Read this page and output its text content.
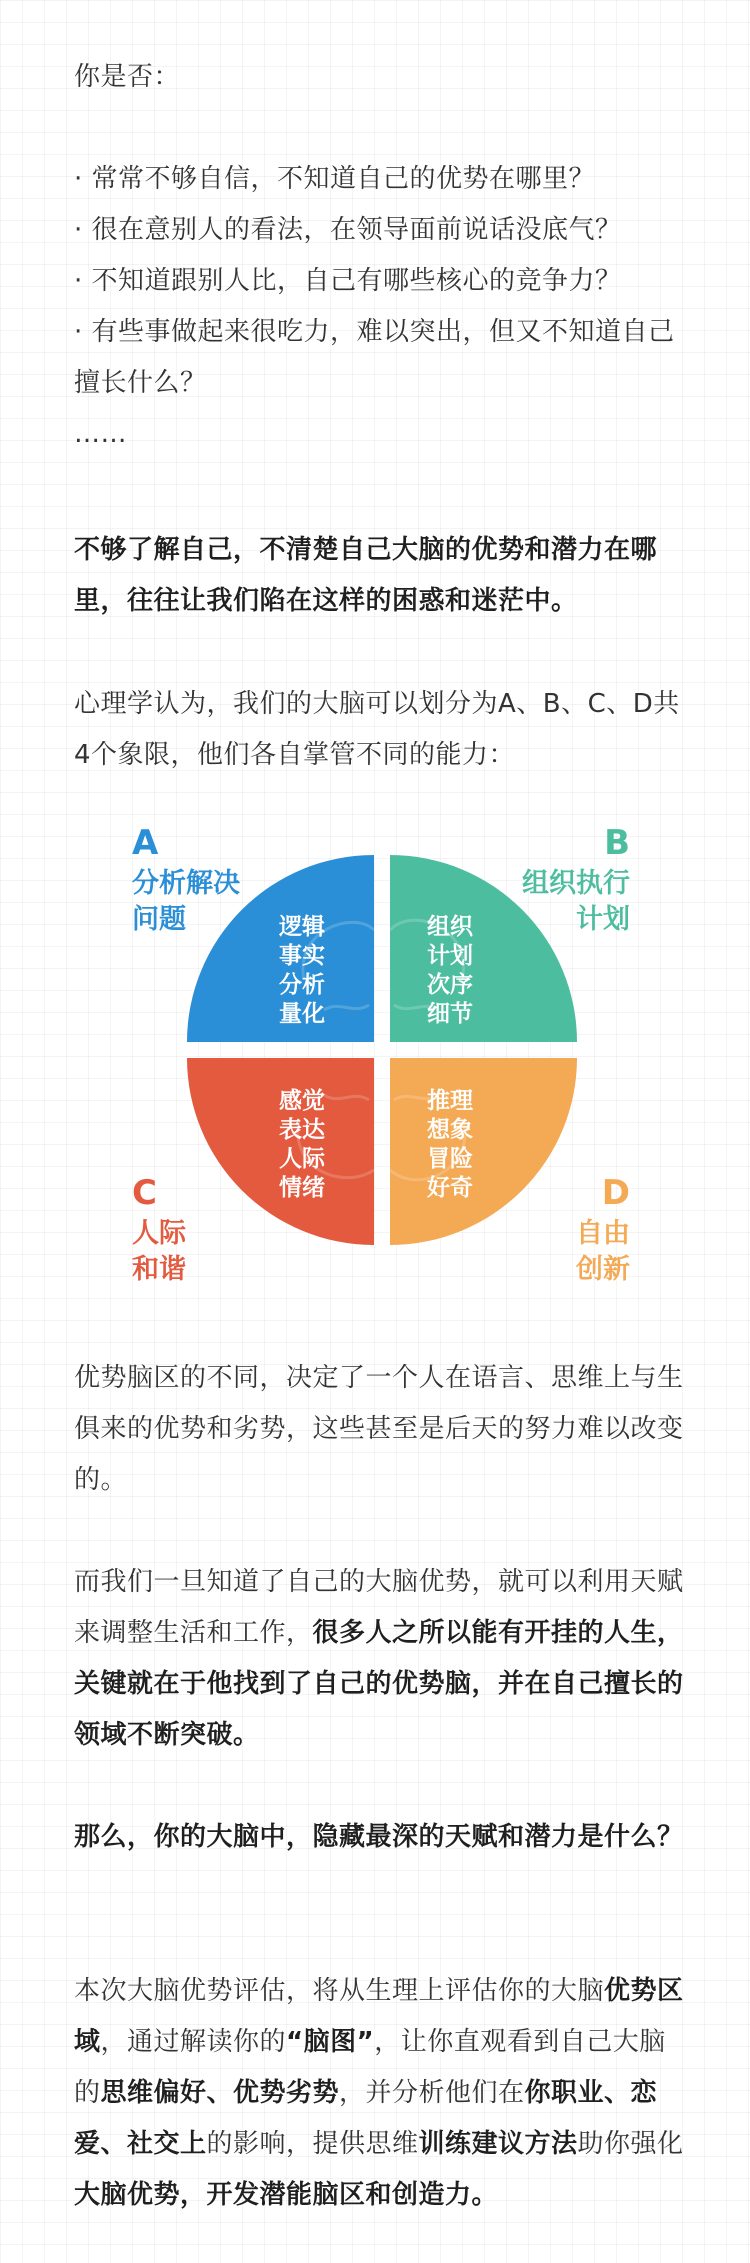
你是否：

· 常常不够自信，不知道自己的优势在哪里？

· 很在意别人的看法，在领导面前说话没底气？

· 不知道跟别人比，自己有哪些核心的竞争力？

· 有些事做起来很吃力，难以突出，但又不知道自己擅长什么？

……

不够了解自己，不清楚自己大脑的优势和潜力在哪里，往往让我们陷在这样的困惑和迷茫中。

心理学认为，我们的大脑可以划分为A、B、C、D共4个象限，他们各自掌管不同的能力：

A
分析解决
问题
B
组织执行
计划
C
人际
和谐
D
自由
创新
逻辑
事实
分析
量化
组织
计划
次序
细节
感觉
表达
人际
情绪
推理
想象
冒险
好奇

优势脑区的不同，决定了一个人在语言、思维上与生俱来的优势和劣势，这些甚至是后天的努力难以改变的。

而我们一旦知道了自己的大脑优势，就可以利用天赋来调整生活和工作，很多人之所以能有开挂的人生，关键就在于他找到了自己的优势脑，并在自己擅长的领域不断突破。

那么，你的大脑中，隐藏最深的天赋和潜力是什么？

本次大脑优势评估，将从生理上评估你的大脑优势区域，通过解读你的“脑图”，让你直观看到自己大脑的思维偏好、优势劣势，并分析他们在你职业、恋爱、社交上的影响，提供思维训练建议方法助你强化大脑优势，开发潜能脑区和创造力。
